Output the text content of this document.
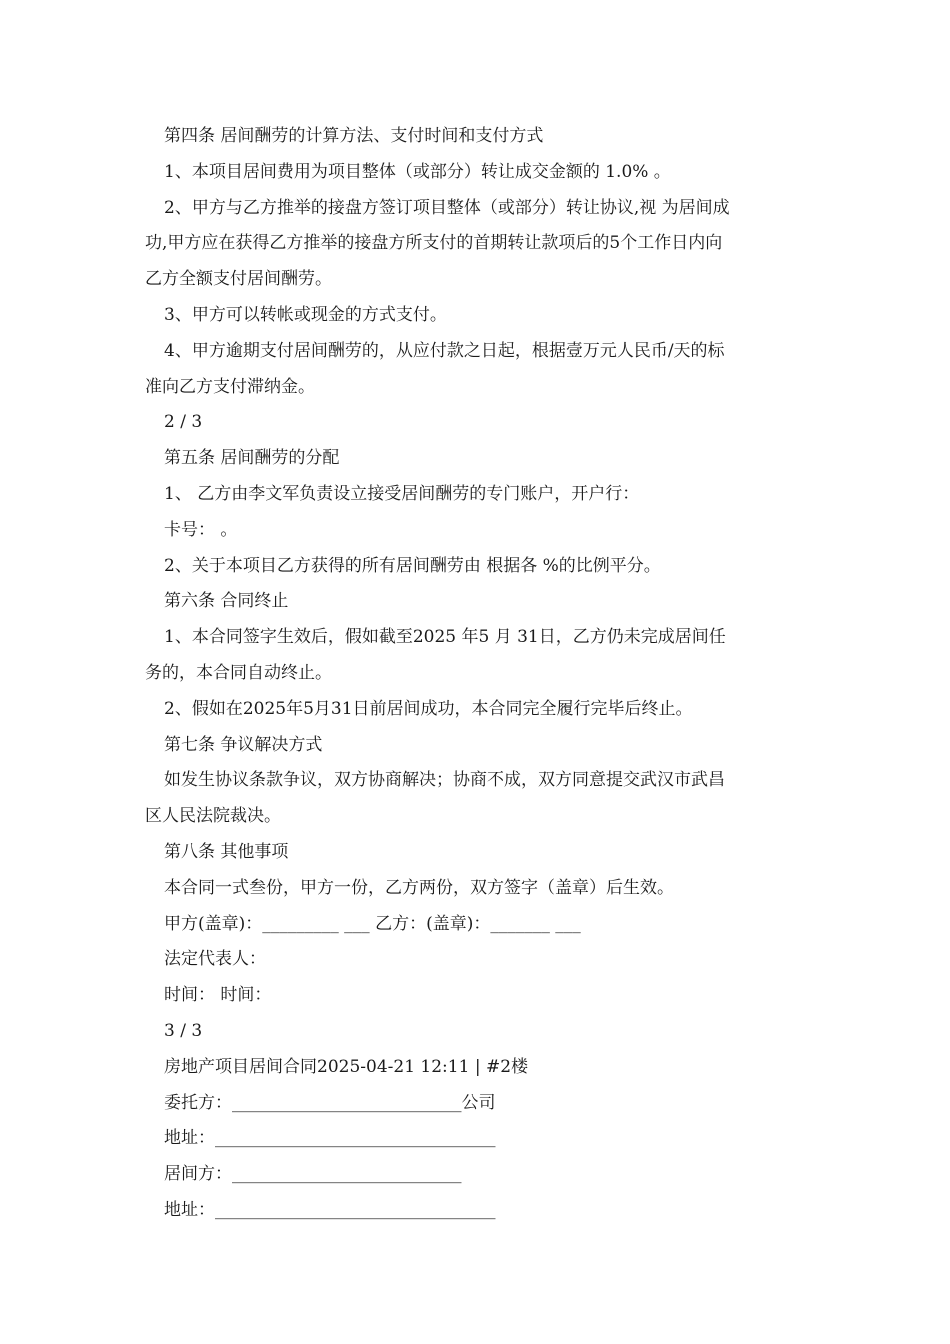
第四条 居间酬劳的计算方法、支付时间和支付方式

1、本项目居间费用为项目整体（或部分）转让成交金额的 1.0% 。

2、甲方与乙方推举的接盘方签订项目整体（或部分）转让协议,视 为居间成

功,甲方应在获得乙方推举的接盘方所支付的首期转让款项后的5个工作日内向

乙方全额支付居间酬劳。

3、甲方可以转帐或现金的方式支付。

4、甲方逾期支付居间酬劳的，从应付款之日起，根据壹万元人民币/天的标

准向乙方支付滞纳金。

2 / 3

第五条 居间酬劳的分配

1、 乙方由李文军负责设立接受居间酬劳的专门账户，开户行：

卡号： 。

2、关于本项目乙方获得的所有居间酬劳由 根据各 %的比例平分。

第六条 合同终止

1、本合同签字生效后，假如截至2025 年5 月 31日，乙方仍未完成居间任

务的，本合同自动终止。

2、假如在2025年5月31日前居间成功，本合同完全履行完毕后终止。

第七条 争议解决方式

如发生协议条款争议，双方协商解决；协商不成，双方同意提交武汉市武昌

区人民法院裁决。

第八条 其他事项

本合同一式叁份，甲方一份，乙方两份，双方签字（盖章）后生效。

甲方(盖章)：_________ ___ 乙方：(盖章)：_______ ___

法定代表人：

时间： 时间：

3 / 3

房地产项目居间合同2025-04-21 12:11 | #2楼

委托方：___________________________公司

地址：_________________________________

居间方：___________________________

地址：_________________________________
